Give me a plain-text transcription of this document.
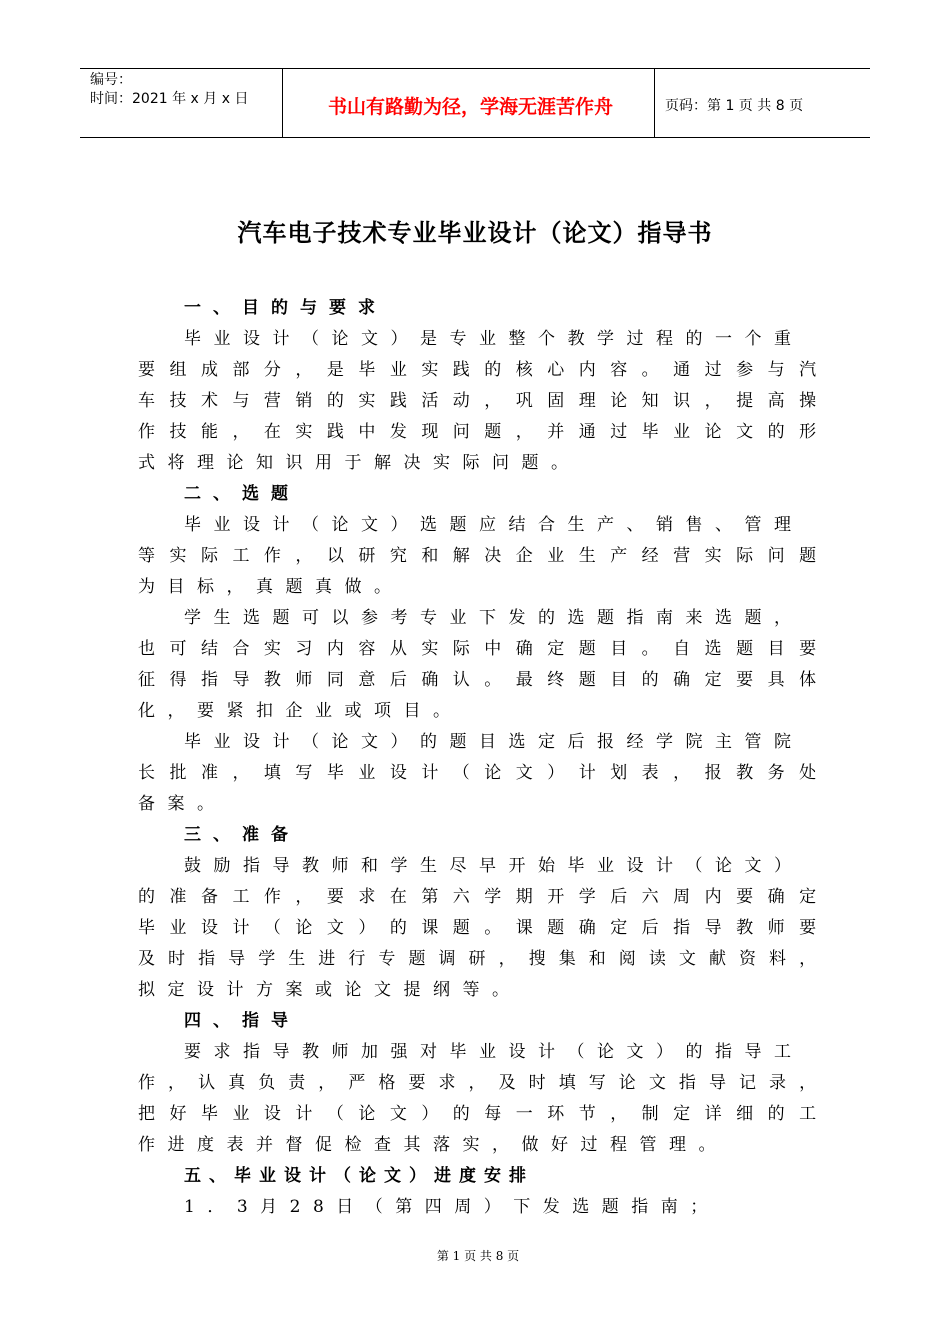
编号：
时间：2021 年 x 月 x 日	书山有路勤为径，学海无涯苦作舟	页码：第 1 页 共 8 页
汽车电子技术专业毕业设计（论文）指导书
一、目的与要求
毕业设计（论文）是专业整个教学过程的一个重
要组成部分，是毕业实践的核心内容。通过参与汽
车技术与营销的实践活动，巩固理论知识，提高操
作技能，在实践中发现问题，并通过毕业论文的形
式将理论知识用于解决实际问题。
二、选题
毕业设计（论文）选题应结合生产、销售、管理
等实际工作，以研究和解决企业生产经营实际问题
为目标，真题真做。
学生选题可以参考专业下发的选题指南来选题，
也可结合实习内容从实际中确定题目。自选题目要
征得指导教师同意后确认。最终题目的确定要具体
化，要紧扣企业或项目。
毕业设计（论文）的题目选定后报经学院主管院
长批准，填写毕业设计（论文）计划表，报教务处
备案。
三、准备
鼓励指导教师和学生尽早开始毕业设计（论文）
的准备工作，要求在第六学期开学后六周内要确定
毕业设计（论文）的课题。课题确定后指导教师要
及时指导学生进行专题调研，搜集和阅读文献资料，
拟定设计方案或论文提纲等。
四、指导
要求指导教师加强对毕业设计（论文）的指导工
作，认真负责，严格要求，及时填写论文指导记录，
把好毕业设计（论文）的每一环节，制定详细的工
作进度表并督促检查其落实，做好过程管理。
五、毕业设计（论文）进度安排
1．3月28日（第四周）下发选题指南；
第 1 页 共 8 页
